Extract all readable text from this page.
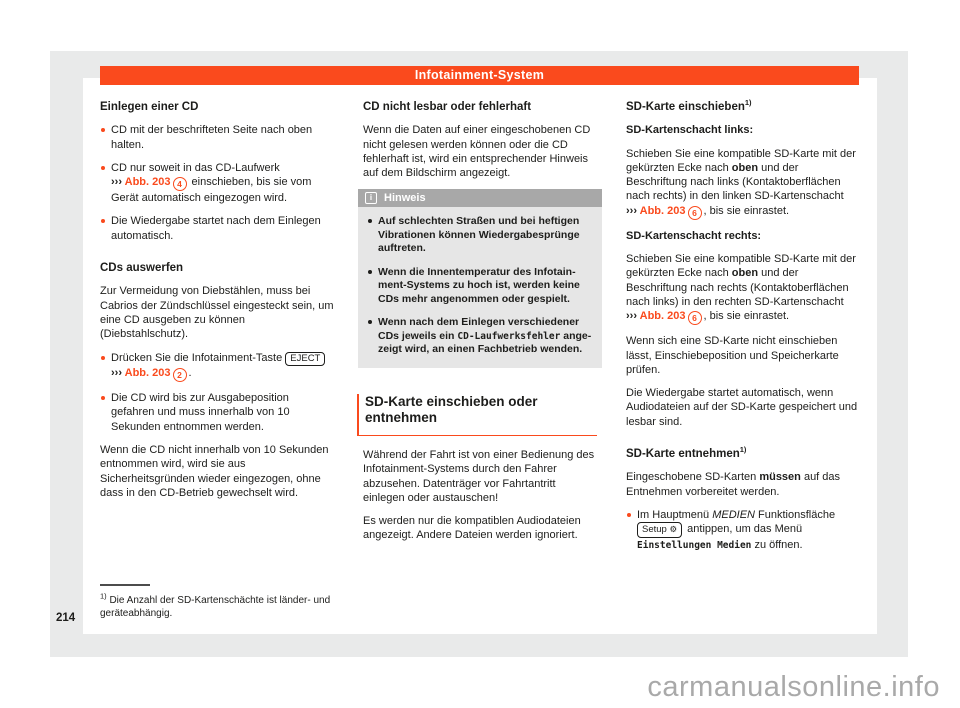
Infotainment-System
Einlegen einer CD
CD mit der beschrifteten Seite nach oben halten.
CD nur soweit in das CD-Laufwerk
››› Abb. 203 4 einschieben, bis sie vom Gerät automatisch eingezogen wird.
Die Wiedergabe startet nach dem Einlegen automatisch.
CDs auswerfen

Zur Vermeidung von Diebstählen, muss bei Cabrios der Zündschlüssel eingesteckt sein, um eine CD ausgeben zu können (Diebstahlschutz).

Drücken Sie die Infotainment-Taste EJECT
››› Abb. 203 2 .
Die CD wird bis zur Ausgabeposition gefahren und muss innerhalb von 10 Sekunden entnommen werden.

Wenn die CD nicht innerhalb von 10 Sekunden entnommen wird, wird sie aus Sicherheitsgründen wieder eingezogen, ohne dass in den CD-Betrieb gewechselt wird.

CD nicht lesbar oder fehlerhaft

Wenn die Daten auf einer eingeschobenen CD nicht gelesen werden können oder die CD fehlerhaft ist, wird ein entsprechender Hinweis auf dem Bildschirm angezeigt.

i	Hinweis
Auf schlechten Straßen und bei heftigen Vibrationen können Wiedergabesprünge auftreten.
Wenn die Innentemperatur des Infotainment-Systems zu hoch ist, werden keine CDs mehr angenommen oder gespielt.
Wenn nach dem Einlegen verschiedener CDs jeweils ein CD-Laufwerksfehler angezeigt wird, an einen Fachbetrieb wenden.
SD-Karte einschieben oder entnehmen

Während der Fahrt ist von einer Bedienung des Infotainment-Systems durch den Fahrer abzusehen. Datenträger vor Fahrtantritt einlegen oder austauschen!

Es werden nur die kompatiblen Audiodateien angezeigt. Andere Dateien werden ignoriert.

SD-Karte einschieben$^{1)}$
SD-Kartenschacht links:

Schieben Sie eine kompatible SD-Karte mit der gekürzten Ecke nach oben und der Beschriftung nach links (Kontaktoberflächen nach rechts) in den linken SD-Kartenschacht
››› Abb. 203 6 , bis sie einrastet.

SD-Kartenschacht rechts:

Schieben Sie eine kompatible SD-Karte mit der gekürzten Ecke nach oben und der Beschriftung nach rechts (Kontaktoberflächen nach links) in den rechten SD-Kartenschacht
››› Abb. 203 6 , bis sie einrastet.

Wenn sich eine SD-Karte nicht einschieben lässt, Einschiebeposition und Speicherkarte prüfen.

Die Wiedergabe startet automatisch, wenn Audiodateien auf der SD-Karte gespeichert und lesbar sind.

SD-Karte entnehmen$^{1)}$

Eingeschobene SD-Karten müssen auf das Entnehmen vorbereitet werden.

Im Hauptmenü MEDIEN Funktionsfläche
Setup ⚙ antippen, um das Menü Einstellungen Medien zu öffnen.
$^{1)}$ Die Anzahl der SD-Kartenschächte ist länder- und geräteabhängig.
214
carmanualsonline.info
